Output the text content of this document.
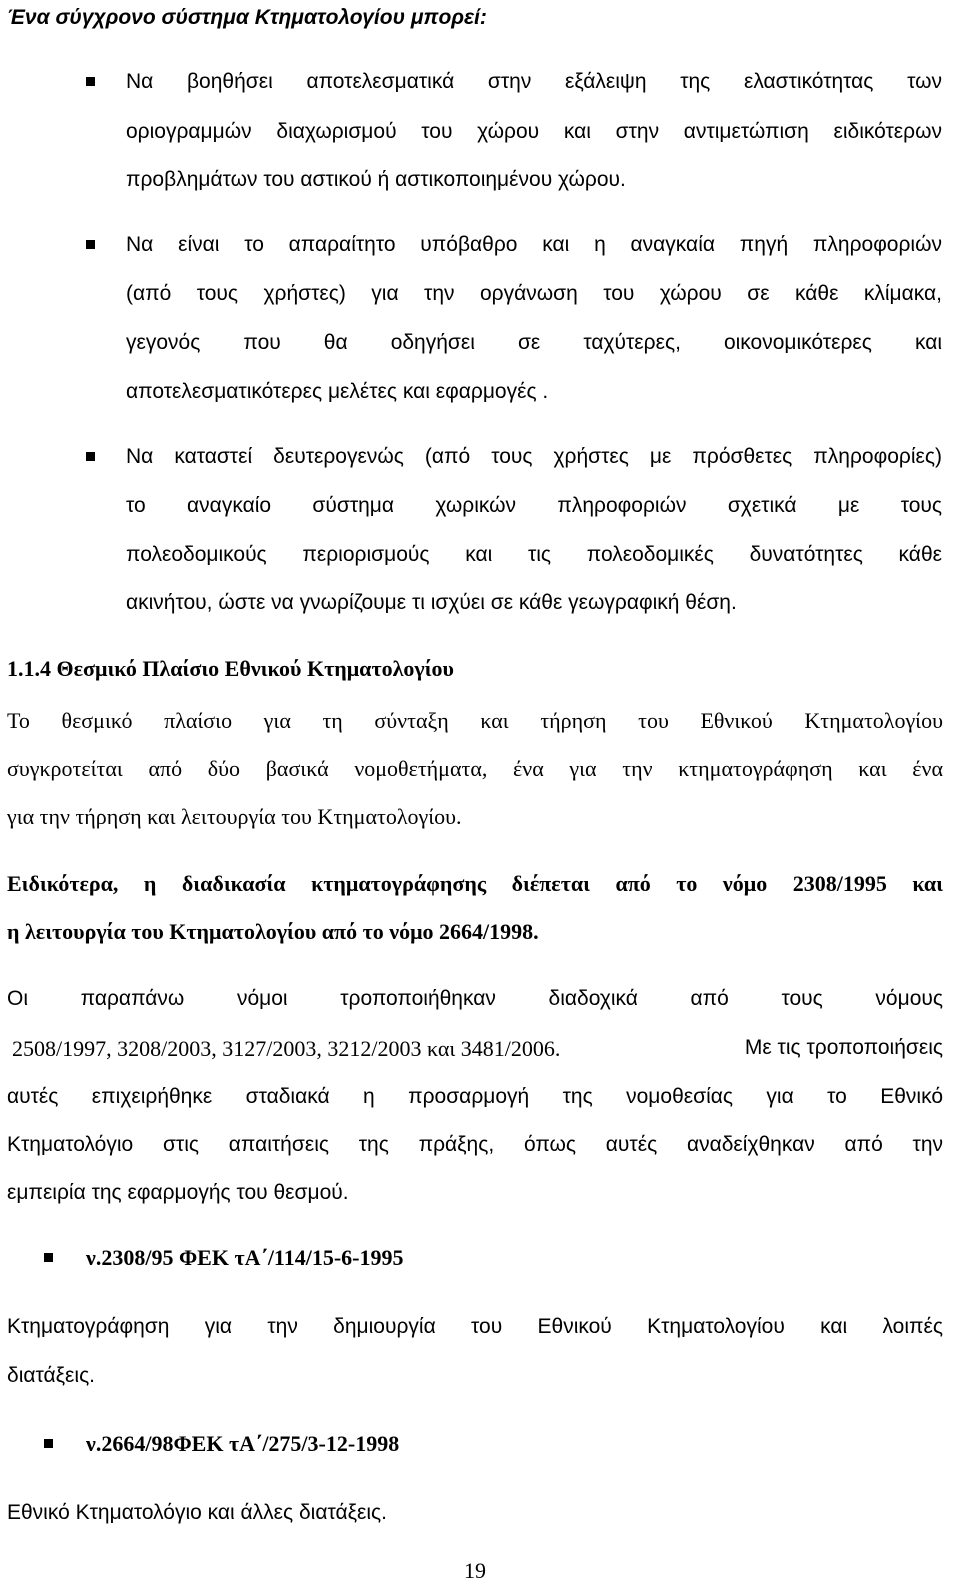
Ένα σύγχρονο σύστημα Κτηματολογίου μπορεί:
Να βοηθήσει αποτελεσματικά στην εξάλειψη της ελαστικότητας των
οριογραμμών διαχωρισμού του χώρου και στην αντιμετώπιση ειδικότερων
προβλημάτων του αστικού ή αστικοποιημένου χώρου.
Να είναι το απαραίτητο υπόβαθρο και η αναγκαία πηγή πληροφοριών
(από τους χρήστες) για την οργάνωση του χώρου σε κάθε κλίμακα,
γεγονός που θα οδηγήσει σε ταχύτερες, οικονομικότερες και
αποτελεσματικότερες μελέτες και εφαρμογές .
Να καταστεί δευτερογενώς (από τους χρήστες με πρόσθετες πληροφορίες)
το αναγκαίο σύστημα χωρικών πληροφοριών σχετικά με τους
πολεοδομικούς περιορισμούς και τις πολεοδομικές δυνατότητες κάθε
ακινήτου, ώστε να γνωρίζουμε τι ισχύει σε κάθε γεωγραφική θέση.
1.1.4 Θεσμικό Πλαίσιο Εθνικού Κτηματολογίου
Το θεσμικό πλαίσιο για τη σύνταξη και τήρηση του Εθνικού Κτηματολογίου
συγκροτείται από δύο βασικά νομοθετήματα, ένα για την κτηματογράφηση και ένα
για την τήρηση και λειτουργία του Κτηματολογίου.
Ειδικότερα, η διαδικασία κτηματογράφησης διέπεται από το νόμο 2308/1995 και
η λειτουργία του Κτηματολογίου από το νόμο 2664/1998.
Οι παραπάνω νόμοι τροποποιήθηκαν διαδοχικά από τους νόμους
2508/1997, 3208/2003, 3127/2003, 3212/2003 και 3481/2006.	Με τις τροποποιήσεις
αυτές επιχειρήθηκε σταδιακά η προσαρμογή της νομοθεσίας για το Εθνικό
Κτηματολόγιο στις απαιτήσεις της πράξης, όπως αυτές αναδείχθηκαν από την
εμπειρία της εφαρμογής του θεσμού.
ν.2308/95 ΦΕΚ τΑ΄/114/15-6-1995
Κτηματογράφηση για την δημιουργία του Εθνικού Κτηματολογίου και λοιπές
διατάξεις.
ν.2664/98ΦΕΚ τΑ΄/275/3-12-1998
Εθνικό Κτηματολόγιο και άλλες διατάξεις.
19
